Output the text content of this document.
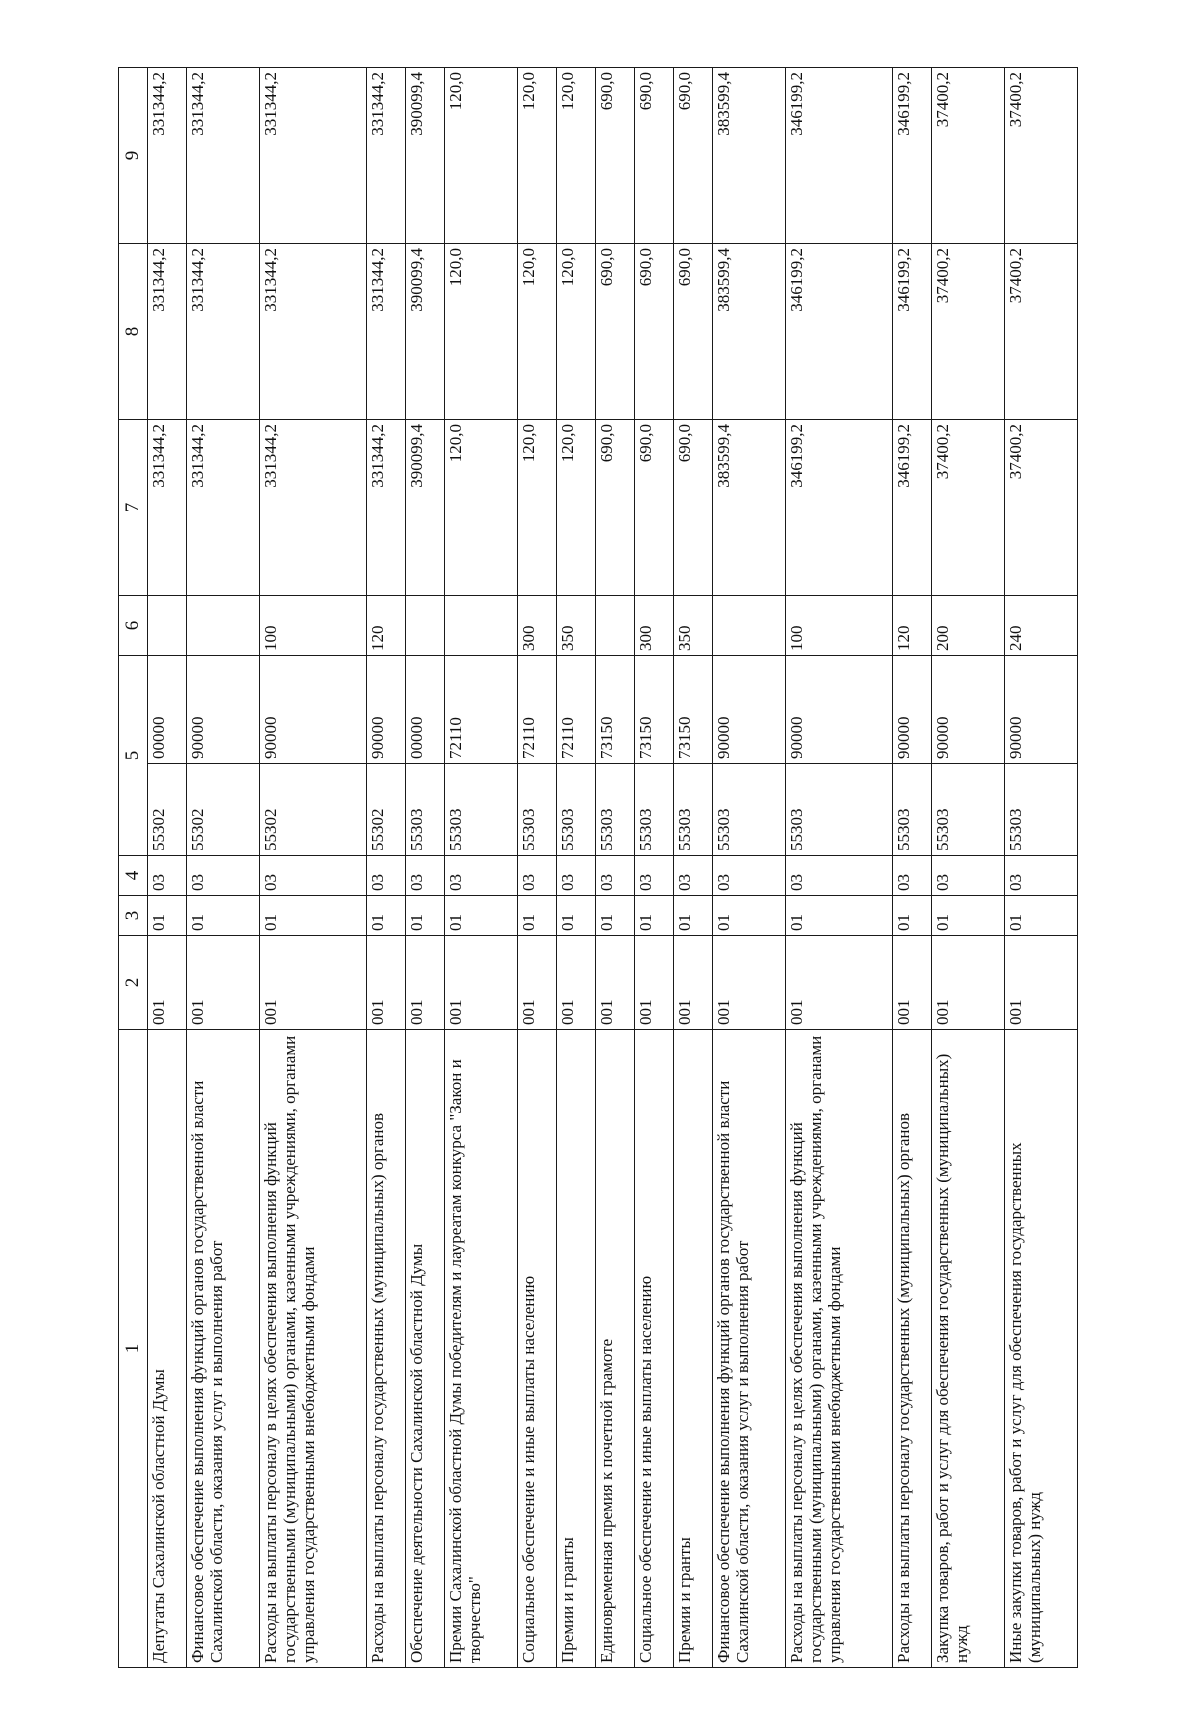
1	2	3	4	5		6	7	8	9
Депутаты Сахалинской областной Думы	001	01	03	55302	00000		331344,2	331344,2	331344,2
Финансовое обеспечение выполнения функций органов государственной власти Сахалинской области, оказания услуг и выполнения работ	001	01	03	55302	90000		331344,2	331344,2	331344,2
Расходы на выплаты персоналу в целях обеспечения выполнения функций государственными (муниципальными) органами, казенными учреждениями, органами управления государственными внебюджетными фондами	001	01	03	55302	90000	100	331344,2	331344,2	331344,2
Расходы на выплаты персоналу государственных (муниципальных) органов	001	01	03	55302	90000	120	331344,2	331344,2	331344,2
Обеспечение деятельности Сахалинской областной Думы	001	01	03	55303	00000		390099,4	390099,4	390099,4
Премии Сахалинской областной Думы победителям и лауреатам конкурса "Закон и творчество"	001	01	03	55303	72110		120,0	120,0	120,0
Социальное обеспечение и иные выплаты населению	001	01	03	55303	72110	300	120,0	120,0	120,0
Премии и гранты	001	01	03	55303	72110	350	120,0	120,0	120,0
Единовременная премия к почетной грамоте	001	01	03	55303	73150		690,0	690,0	690,0
Социальное обеспечение и иные выплаты населению	001	01	03	55303	73150	300	690,0	690,0	690,0
Премии и гранты	001	01	03	55303	73150	350	690,0	690,0	690,0
Финансовое обеспечение выполнения функций органов государственной власти Сахалинской области, оказания услуг и выполнения работ	001	01	03	55303	90000		383599,4	383599,4	383599,4
Расходы на выплаты персоналу в целях обеспечения выполнения функций государственными (муниципальными) органами, казенными учреждениями, органами управления государственными внебюджетными фондами	001	01	03	55303	90000	100	346199,2	346199,2	346199,2
Расходы на выплаты персоналу государственных (муниципальных) органов	001	01	03	55303	90000	120	346199,2	346199,2	346199,2
Закупка товаров, работ и услуг для обеспечения государственных (муниципальных) нужд	001	01	03	55303	90000	200	37400,2	37400,2	37400,2
Иные закупки товаров, работ и услуг для обеспечения государственных (муниципальных) нужд	001	01	03	55303	90000	240	37400,2	37400,2	37400,2
